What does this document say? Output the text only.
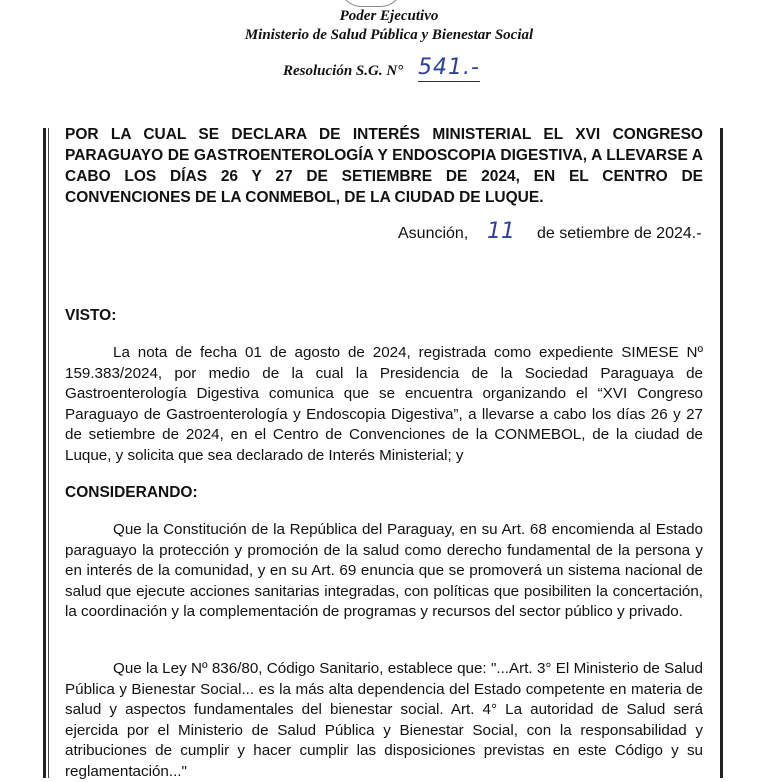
Poder Ejecutivo
Ministerio de Salud Pública y Bienestar Social
Resolución S.G. N° 541.-
POR LA CUAL SE DECLARA DE INTERÉS MINISTERIAL EL XVI CONGRESO PARAGUAYO DE GASTROENTEROLOGÍA Y ENDOSCOPIA DIGESTIVA, A LLEVARSE A CABO LOS DÍAS 26 Y 27 DE SETIEMBRE DE 2024, EN EL CENTRO DE CONVENCIONES DE LA CONMEBOL, DE LA CIUDAD DE LUQUE.
Asunción, 11 de setiembre de 2024.-
VISTO:
La nota de fecha 01 de agosto de 2024, registrada como expediente SIMESE Nº 159.383/2024, por medio de la cual la Presidencia de la Sociedad Paraguaya de Gastroenterología Digestiva comunica que se encuentra organizando el “XVI Congreso Paraguayo de Gastroenterología y Endoscopia Digestiva”, a llevarse a cabo los días 26 y 27 de setiembre de 2024, en el Centro de Convenciones de la CONMEBOL, de la ciudad de Luque, y solicita que sea declarado de Interés Ministerial; y
CONSIDERANDO:
Que la Constitución de la República del Paraguay, en su Art. 68 encomienda al Estado paraguayo la protección y promoción de la salud como derecho fundamental de la persona y en interés de la comunidad, y en su Art. 69 enuncia que se promoverá un sistema nacional de salud que ejecute acciones sanitarias integradas, con políticas que posibiliten la concertación, la coordinación y la complementación de programas y recursos del sector público y privado.
Que la Ley Nº 836/80, Código Sanitario, establece que: "...Art. 3° El Ministerio de Salud Pública y Bienestar Social... es la más alta dependencia del Estado competente en materia de salud y aspectos fundamentales del bienestar social. Art. 4° La autoridad de Salud será ejercida por el Ministerio de Salud Pública y Bienestar Social, con la responsabilidad y atribuciones de cumplir y hacer cumplir las disposiciones previstas en este Código y su reglamentación..."
